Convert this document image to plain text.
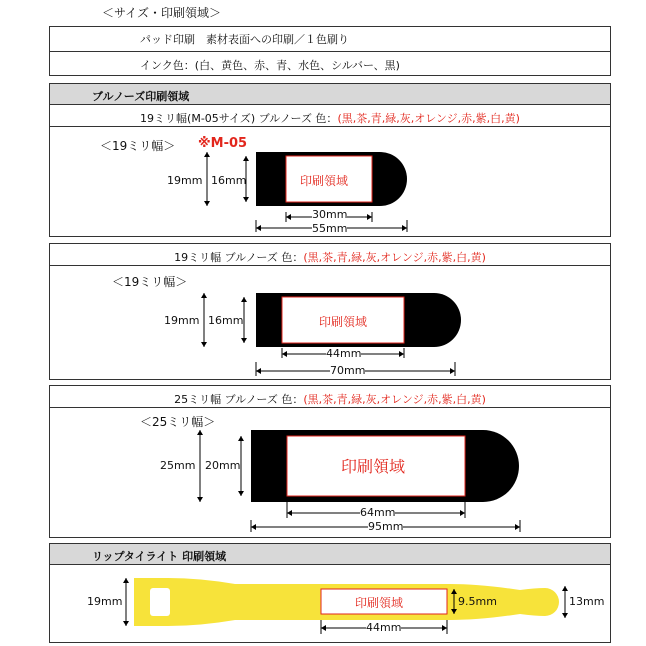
＜サイズ・印刷領域＞
パッド印刷　素材表面への印刷／１色刷り
インク色：(白、黄色、赤、青、水色、シルバー、黒)
ブルノーズ印刷領域
19ミリ幅(M-05サイズ) ブルノーズ 色：(黒,茶,青,緑,灰,オレンジ,赤,紫,白,黄)
＜19ミリ幅＞ ※M-05
印刷領域
19mm 16mm
30mm
55mm
19ミリ幅 ブルノーズ 色：(黒,茶,青,緑,灰,オレンジ,赤,紫,白,黄)
＜19ミリ幅＞
印刷領域
19mm 16mm
44mm
70mm
25ミリ幅 ブルノーズ 色：(黒,茶,青,緑,灰,オレンジ,赤,紫,白,黄)
＜25ミリ幅＞
印刷領域
25mm 20mm
64mm
95mm
リップタイライト 印刷領域
印刷領域
19mm	9.5mm	13mm
44mm
